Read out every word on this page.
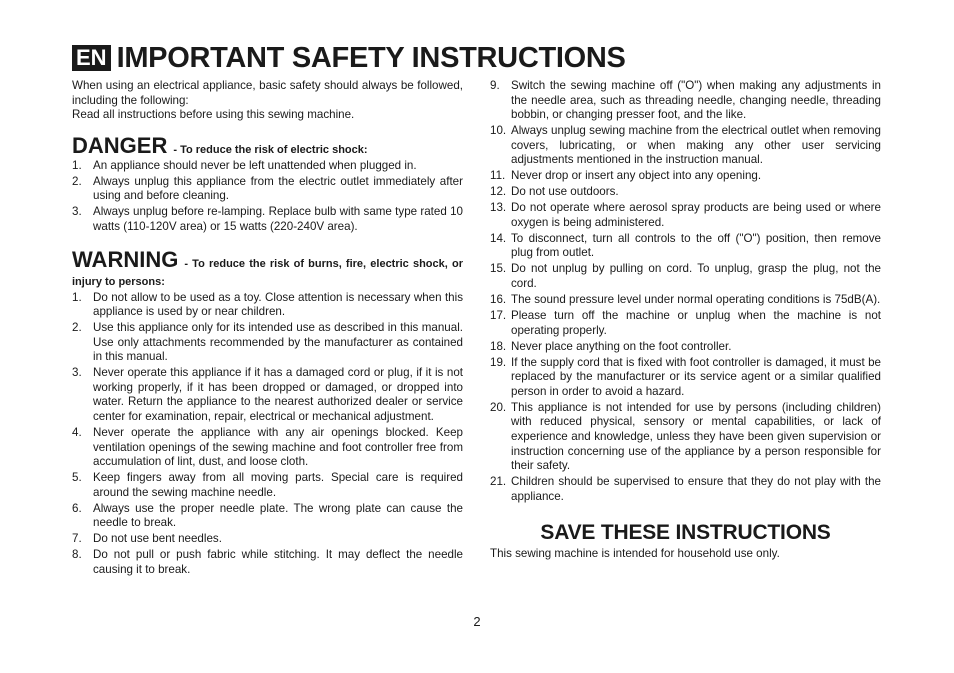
EN IMPORTANT SAFETY INSTRUCTIONS

When using an electrical appliance, basic safety should always be followed, including the following:

Read all instructions before using this sewing machine.

DANGER - To reduce the risk of electric shock:
1. An appliance should never be left unattended when plugged in.
2. Always unplug this appliance from the electric outlet immediately after using and before cleaning.
3. Always unplug before re-lamping. Replace bulb with same type rated 10 watts (110-120V area) or 15 watts (220-240V area).
WARNING - To reduce the risk of burns, fire, electric shock, or injury to persons:
1. Do not allow to be used as a toy. Close attention is necessary when this appliance is used by or near children.
2. Use this appliance only for its intended use as described in this manual. Use only attachments recommended by the manufacturer as contained in this manual.
3. Never operate this appliance if it has a damaged cord or plug, if it is not working properly, if it has been dropped or damaged, or dropped into water. Return the appliance to the nearest authorized dealer or service center for examination, repair, electrical or mechanical adjustment.
4. Never operate the appliance with any air openings blocked. Keep ventilation openings of the sewing machine and foot controller free from accumulation of lint, dust, and loose cloth.
5. Keep fingers away from all moving parts. Special care is required around the sewing machine needle.
6. Always use the proper needle plate. The wrong plate can cause the needle to break.
7. Do not use bent needles.
8. Do not pull or push fabric while stitching. It may deflect the needle causing it to break.
9. Switch the sewing machine off ("O") when making any adjustments in the needle area, such as threading needle, changing needle, threading bobbin, or changing presser foot, and the like.
10. Always unplug sewing machine from the electrical outlet when removing covers, lubricating, or when making any other user servicing adjustments mentioned in the instruction manual.
11. Never drop or insert any object into any opening.
12. Do not use outdoors.
13. Do not operate where aerosol spray products are being used or where oxygen is being administered.
14. To disconnect, turn all controls to the off ("O") position, then remove plug from outlet.
15. Do not unplug by pulling on cord. To unplug, grasp the plug, not the cord.
16. The sound pressure level under normal operating conditions is 75dB(A).
17. Please turn off the machine or unplug when the machine is not operating properly.
18. Never place anything on the foot controller.
19. If the supply cord that is fixed with foot controller is damaged, it must be replaced by the manufacturer or its service agent or a similar qualified person in order to avoid a hazard.
20. This appliance is not intended for use by persons (including children) with reduced physical, sensory or mental capabilities, or lack of experience and knowledge, unless they have been given supervision or instruction concerning use of the appliance by a person responsible for their safety.
21. Children should be supervised to ensure that they do not play with the appliance.
SAVE THESE INSTRUCTIONS

This sewing machine is intended for household use only.

2
